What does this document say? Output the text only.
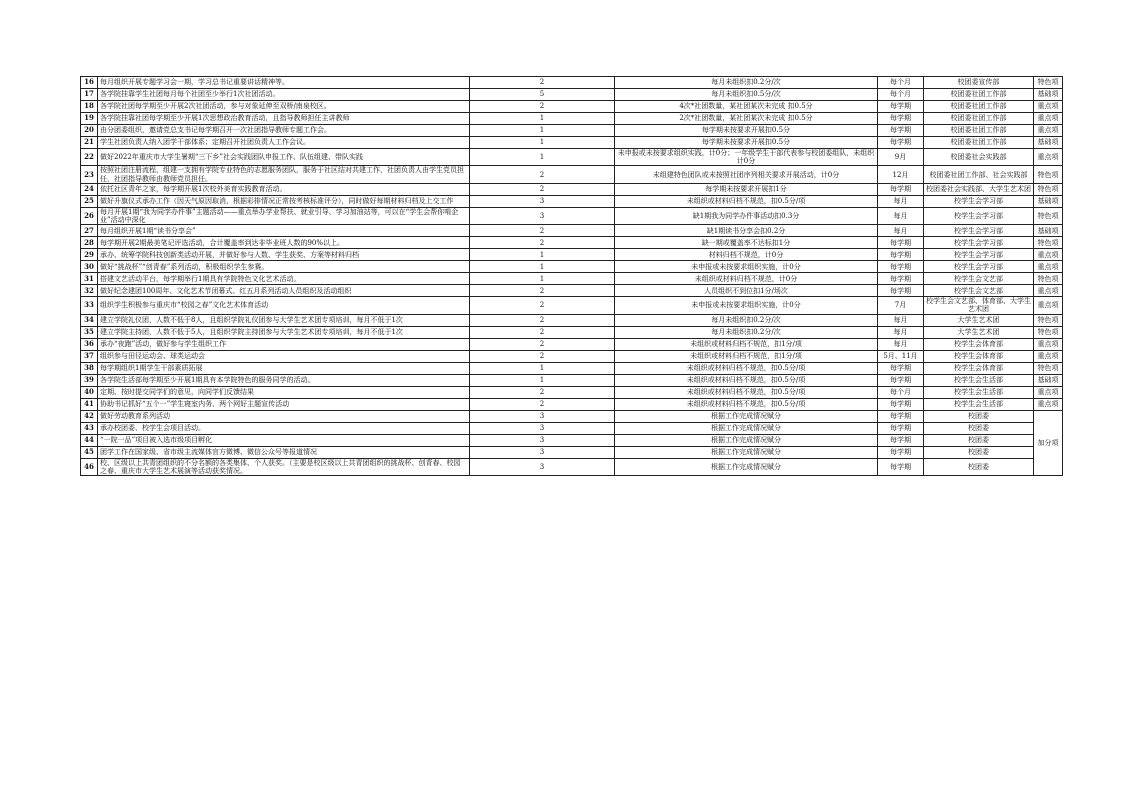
16	每月组织开展专题学习会一期，学习总书记重要讲话精神等。	2	每月未组织扣0.2分/次	每个月	校团委宣传部	特色项
17	各学院挂靠学生社团每月每个社团至少举行1次社团活动。	5	每月未组织扣0.5分/次	每个月	校团委社团工作部	基础项
18	各学院社团每学期至少开展2次社团活动，参与对象延伸至双桥/南泉校区。	2	4次*社团数量，某社团某次未完成 扣0.5分	每学期	校团委社团工作部	重点项
19	各学院挂靠社团每学期至少开展1次思想政治教育活动，且指导教师担任主讲教师	1	2次*社团数量，某社团某次未完成 扣0.5分	每学期	校团委社团工作部	重点项
20	由分团委组织，邀请党总支书记每学期召开一次社团指导教师专题工作会。	1	每学期未按要求开展扣0.5分	每学期	校团委社团工作部	重点项
21	学生社团负责人纳入团学干部体系；定期召开社团负责人工作会议。	1	每学期未按要求开展扣0.5分	每学期	校团委社团工作部	基础项
22	做好2022年重庆市大学生暑期“三下乡”社会实践团队申报工作、队伍组建、带队实践	1	未申报或未按要求组织实践，计0分；一年级学生干部代表参与校团委组队，未组织计0分	9月	校团委社会实践部	重点项
23	按照社团注册流程，组建一支拥有学院专业特色的志愿服务团队，服务于社区结对共建工作，社团负责人由学生党员担任，社团指导教师由教师党员担任。	2	未组建特色团队或未按照社团序列相关要求开展活动，计0分	12月	校团委社团工作部、社会实践部	特色项
24	依托社区青年之家，每学期开展1次校外美育实践教育活动。	2	每学期未按要求开展扣1分	每学期	校团委社会实践部、大学生艺术团	特色项
25	做好升旗仪式承办工作（因天气原因取消，根据彩排情况正常按考核标准评分），同时做好每期材料归档及上交工作	3	未组织或材料归档不规范，扣0.5分/项	每月	校学生会学习部	基础项
26	每月开展1期“我为同学办件事”主题活动——重点举办学业帮扶、就业引导、学习加油站等，可以在“学生会帮你啃企业”活动中深化	3	缺1期我为同学办件事活动扣0.3分	每月	校学生会学习部	特色项
27	每月组织开展1期“读书分享会”	2	缺1期读书分享会扣0.2分	每月	校学生会学习部	基础项
28	每学期开展2期最美笔记评选活动，合计覆盖率到达非毕业班人数的90%以上。	2	缺一期或覆盖率不达标扣1分	每学期	校学生会学习部	特色项
29	承办、统筹学院科技创新类活动开展，并做好参与人数、学生获奖、方案等材料归档	1	材料归档不规范，计0分	每学期	校学生会学习部	重点项
30	做好“挑战杯”“创青春”系列活动，积极组织学生参赛。	1	未申报或未按要求组织实施，计0分	每学期	校学生会学习部	重点项
31	搭建文艺活动平台，每学期举行1期具有学院特色文化艺术活动。	1	未组织或材料归档不规范，计0分	每学期	校学生会文艺部	特色项
32	做好纪念建团100周年、文化艺术节闭幕式、红五月系列活动人员组织及活动组织	2	人员组织不到位扣1分/场次	每学期	校学生会文艺部	重点项
33	组织学生积极参与重庆市“校园之春”文化艺术体育活动	2	未申报或未按要求组织实施，计0分	7月	校学生会文艺部、体育部、大学生艺术团	重点项
34	建立学院礼仪团，人数不低于8人，且组织学院礼仪团参与大学生艺术团专项培训，每月不低于1次	2	每月未组织扣0.2分/次	每月	大学生艺术团	特色项
35	建立学院主持团，人数不低于5人，且组织学院主持团参与大学生艺术团专项培训，每月不低于1次	2	每月未组织扣0.2分/次	每月	大学生艺术团	特色项
36	承办“夜跑”活动，做好参与学生组织工作	2	未组织或材料归档不规范，扣1分/项	每月	校学生会体育部	重点项
37	组织参与田径运动会、球类运动会	2	未组织或材料归档不规范，扣1分/项	5月、11月	校学生会体育部	重点项
38	每学期组织1期学生干部素质拓展	1	未组织或材料归档不规范，扣0.5分/项	每学期	校学生会体育部	特色项
39	各学院生活部每学期至少开展1期具有本学院特色的服务同学的活动。	1	未组织或材料归档不规范，扣0.5分/项	每学期	校学生会生活部	基础项
40	定期、按时提交同学们的意见，向同学们反馈结果	2	未组织或材料归档不规范，扣0.5分/项	每个月	校学生会生活部	重点项
41	协助书记抓好“五个一”学生寝室内务、两个网好主题宣传活动	2	未组织或材料归档不规范，扣0.5分/项	每学期	校学生会生活部	重点项
42	做好劳动教育系列活动	3	根据工作完成情况赋分	每学期	校团委	加分项
43	承办校团委、校学生会项目活动。	3	根据工作完成情况赋分	每学期	校团委	
44	“一院一品”项目被入选市级项目孵化	3	根据工作完成情况赋分	每学期	校团委	
45	团学工作在国家级、省市级主流媒体官方微博、微信公众号等报道情况	3	根据工作完成情况赋分	每学期	校团委	
46	校、区级以上共青团组织的不分名额的各类集体、个人获奖。（主要是校区级以上共青团组织的挑战杯、创青春、校园之春、重庆市大学生艺术展演等活动获奖情况。	3	根据工作完成情况赋分	每学期	校团委	
